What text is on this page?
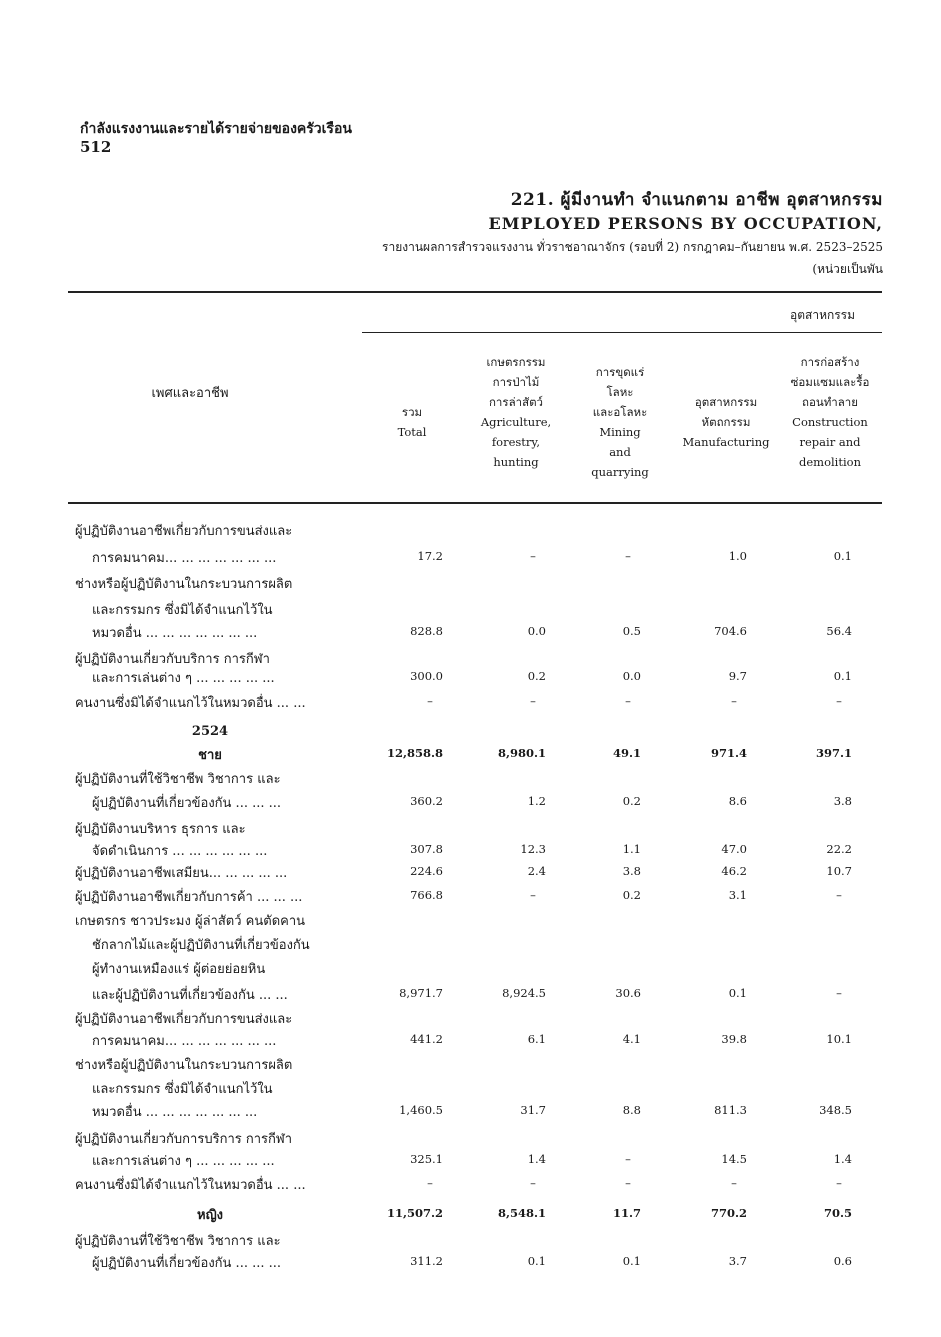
กำลังแรงงานและรายได้รายจ่ายของครัวเรือน
512
221. ผู้มีงานทำ จำแนกตาม อาชีพ อุตสาหกรรม
EMPLOYED PERSONS BY OCCUPATION,
รายงานผลการสำรวจแรงงาน ทั่วราชอาณาจักร (รอบที่ 2) กรกฎาคม–กันยายน พ.ศ. 2523–2525
(หน่วยเป็นพัน
อุตสาหกรรม
เพศและอาชีพ
รวม
Total
เกษตรกรรม
การป่าไม้
การล่าสัตว์
Agriculture,
forestry,
hunting
การขุดแร่
โลหะ
และอโลหะ
Mining
and
quarrying
อุตสาหกรรม
หัตถกรรม
Manufacturing
การก่อสร้าง
ซ่อมแซมและรื้อ
ถอนทำลาย
Construction
repair and
demolition
ผู้ปฏิบัติงานอาชีพเกี่ยวกับการขนส่งและ
การคมนาคม... ... ... ... ... ... ...	17.2	–	–	1.0	0.1
ช่างหรือผู้ปฏิบัติงานในกระบวนการผลิต
และกรรมกร ซึ่งมิได้จำแนกไว้ใน
หมวดอื่น ... ... ... ... ... ... ...	828.8	0.0	0.5	704.6	56.4
ผู้ปฏิบัติงานเกี่ยวกับบริการ การกีฬา
และการเล่นต่าง ๆ ... ... ... ... ...	300.0	0.2	0.0	9.7	0.1
คนงานซึ่งมิได้จำแนกไว้ในหมวดอื่น ... ...	–	–	–	–	–
2524
ชาย	12,858.8	8,980.1	49.1	971.4	397.1
ผู้ปฏิบัติงานที่ใช้วิชาชีพ วิชาการ และ
ผู้ปฏิบัติงานที่เกี่ยวข้องกัน ... ... ...	360.2	1.2	0.2	8.6	3.8
ผู้ปฏิบัติงานบริหาร ธุรการ และ
จัดดำเนินการ ... ... ... ... ... ...	307.8	12.3	1.1	47.0	22.2
ผู้ปฏิบัติงานอาชีพเสมียน... ... ... ... ...	224.6	2.4	3.8	46.2	10.7
ผู้ปฏิบัติงานอาชีพเกี่ยวกับการค้า ... ... ...	766.8	–	0.2	3.1	–
เกษตรกร ชาวประมง ผู้ล่าสัตว์ คนตัดคาน
ชักลากไม้และผู้ปฏิบัติงานที่เกี่ยวข้องกัน
ผู้ทำงานเหมืองแร่ ผู้ต่อยย่อยหิน
และผู้ปฏิบัติงานที่เกี่ยวข้องกัน ... ...	8,971.7	8,924.5	30.6	0.1	–
ผู้ปฏิบัติงานอาชีพเกี่ยวกับการขนส่งและ
การคมนาคม... ... ... ... ... ... ...	441.2	6.1	4.1	39.8	10.1
ช่างหรือผู้ปฏิบัติงานในกระบวนการผลิต
และกรรมกร ซึ่งมิได้จำแนกไว้ใน
หมวดอื่น ... ... ... ... ... ... ...	1,460.5	31.7	8.8	811.3	348.5
ผู้ปฏิบัติงานเกี่ยวกับการบริการ การกีฬา
และการเล่นต่าง ๆ ... ... ... ... ...	325.1	1.4	–	14.5	1.4
คนงานซึ่งมิได้จำแนกไว้ในหมวดอื่น ... ...	–	–	–	–	–
หญิง	11,507.2	8,548.1	11.7	770.2	70.5
ผู้ปฏิบัติงานที่ใช้วิชาชีพ วิชาการ และ
ผู้ปฏิบัติงานที่เกี่ยวข้องกัน ... ... ...	311.2	0.1	0.1	3.7	0.6
